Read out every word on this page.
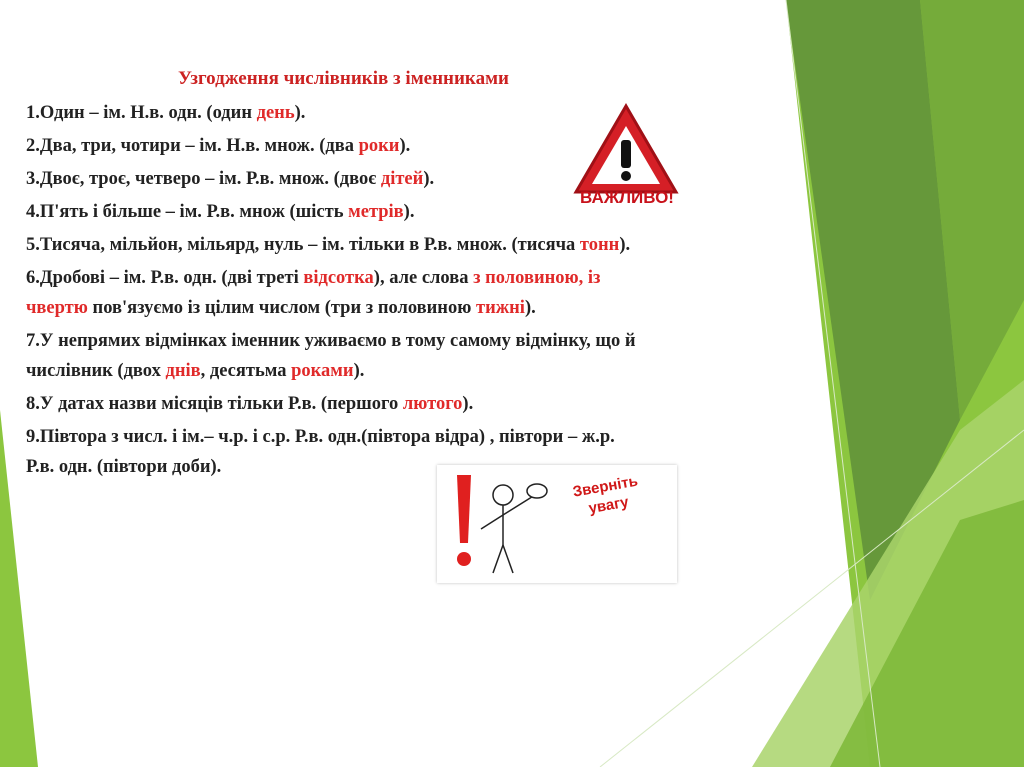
Узгодження числівників з іменниками
1.Один – ім. Н.в. одн. (один день).
2.Два, три, чотири – ім. Н.в. множ. (два роки).
3.Двоє, троє, четверо – ім. Р.в. множ. (двоє дітей).
4.П'ять і більше – ім. Р.в. множ (шість метрів).
5.Тисяча, мільйон, мільярд, нуль – ім. тільки в Р.в. множ. (тисяча тонн).
6.Дробові – ім. Р.в. одн. (дві треті відсотка), але слова з половиною, із
чвертю пов'язуємо із цілим числом (три з половиною тижні).
7.У непрямих відмінках іменник уживаємо в тому самому відмінку, що й
числівник (двох днів, десятьма роками).
8.У датах назви місяців тільки Р.в. (першого лютого).
9.Півтора з числ. і ім.– ч.р. і с.р. Р.в. одн.(півтора відра) , півтори – ж.р.
Р.в. одн. (півтори доби).
ВАЖЛИВО!
Зверніть увагу
